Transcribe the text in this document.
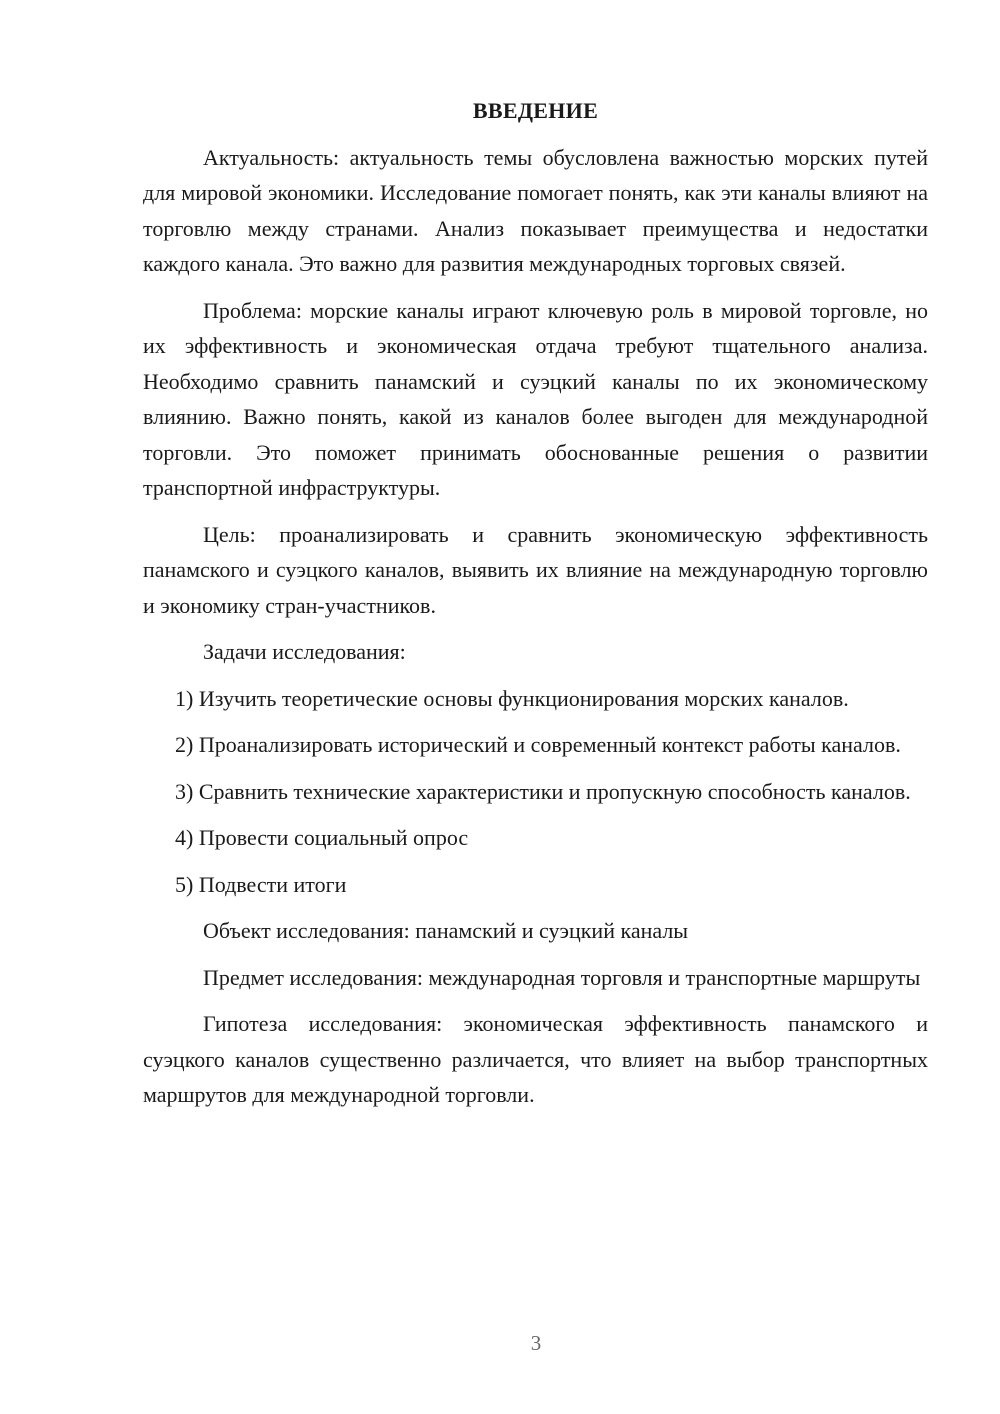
ВВЕДЕНИЕ

Актуальность: актуальность темы обусловлена важностью морских путей для мировой экономики. Исследование помогает понять, как эти каналы влияют на торговлю между странами. Анализ показывает преимущества и недостатки каждого канала. Это важно для развития международных торговых связей.

Проблема: морские каналы играют ключевую роль в мировой торговле, но их эффективность и экономическая отдача требуют тщательного анализа. Необходимо сравнить панамский и суэцкий каналы по их экономическому влиянию. Важно понять, какой из каналов более выгоден для международной торговли. Это поможет принимать обоснованные решения о развитии транспортной инфраструктуры.

Цель: проанализировать и сравнить экономическую эффективность панамского и суэцкого каналов, выявить их влияние на международную торговлю и экономику стран-участников.

Задачи исследования:

1) Изучить теоретические основы функционирования морских каналов.

2) Проанализировать исторический и современный контекст работы каналов.

3) Сравнить технические характеристики и пропускную способность каналов.

4) Провести социальный опрос

5) Подвести итоги

Объект исследования: панамский и суэцкий каналы

Предмет исследования: международная торговля и транспортные маршруты

Гипотеза исследования: экономическая эффективность панамского и суэцкого каналов существенно различается, что влияет на выбор транспортных маршрутов для международной торговли.

3
